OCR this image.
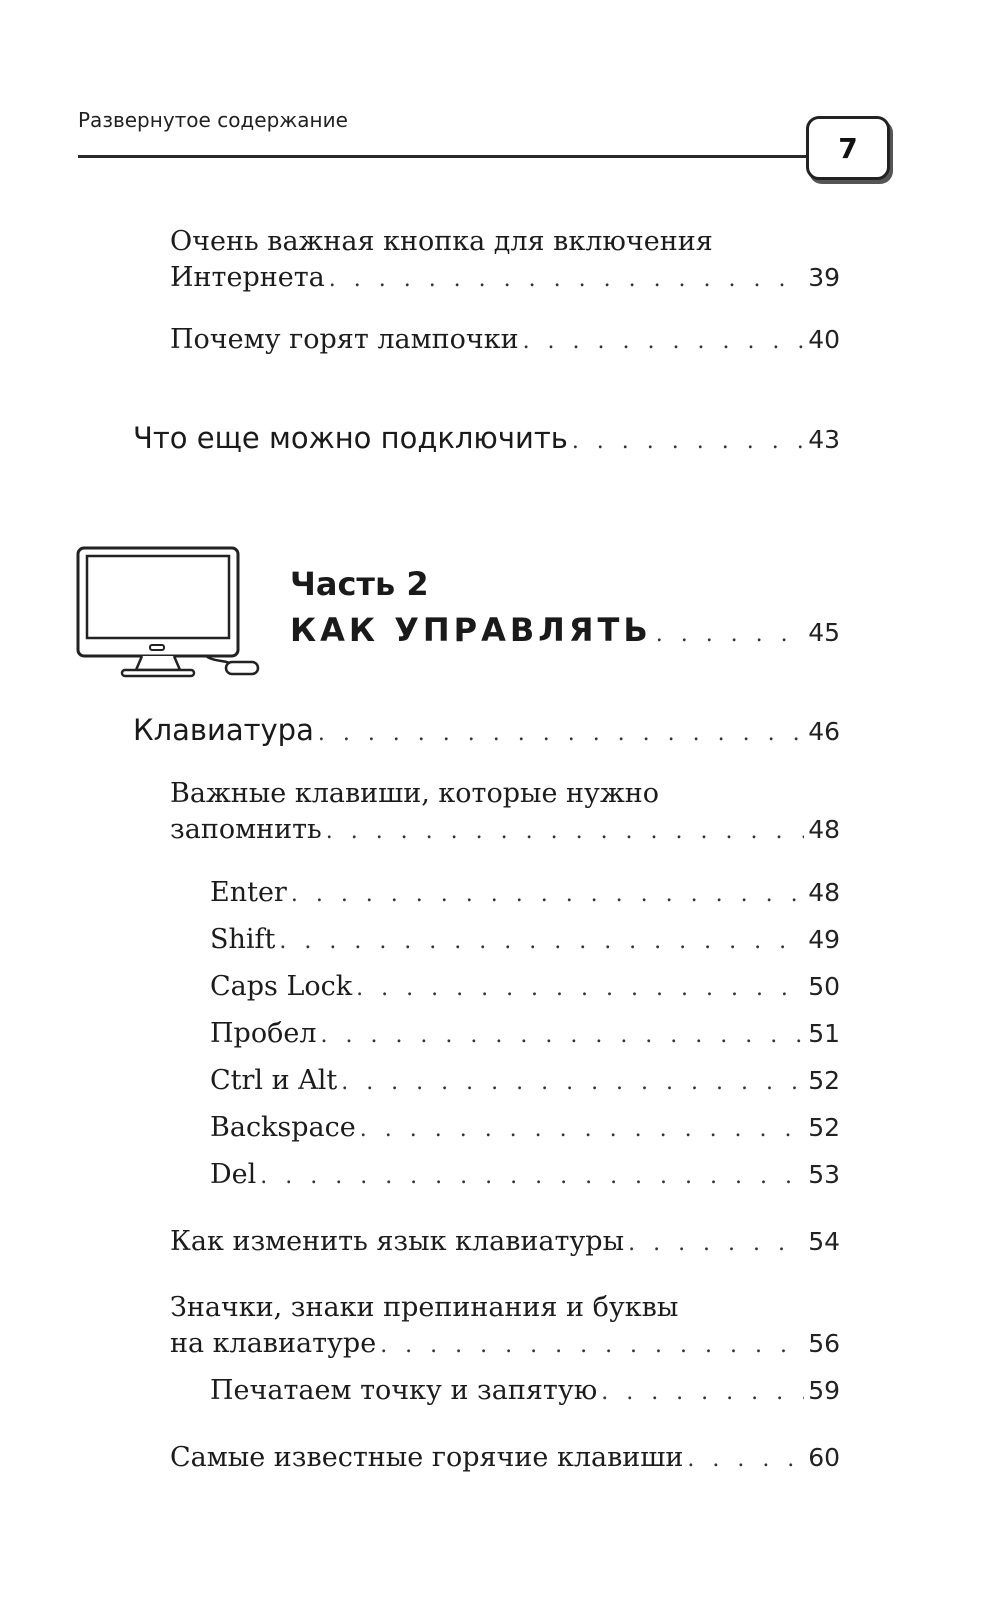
Развернутое содержание
7
Очень важная кнопка для включения
Интернета . . .	39
Почему горят лампочки . . .	40
Что еще можно подключить . . .	43
Часть 2
КАК УПРАВЛЯТЬ . . .	45
Клавиатура . . .	46
Важные клавиши, которые нужно
запомнить . . .	48
Enter . . .	48
Shift . . .	49
Caps Lock . . .	50
Пробел . . .	51
Ctrl и Alt . . .	52
Backspace . . .	52
Del . . .	53
Как изменить язык клавиатуры . . .	54
Значки, знаки препинания и буквы
на клавиатуре . . .	56
Печатаем точку и запятую . . .	59
Самые известные горячие клавиши . . .	60
